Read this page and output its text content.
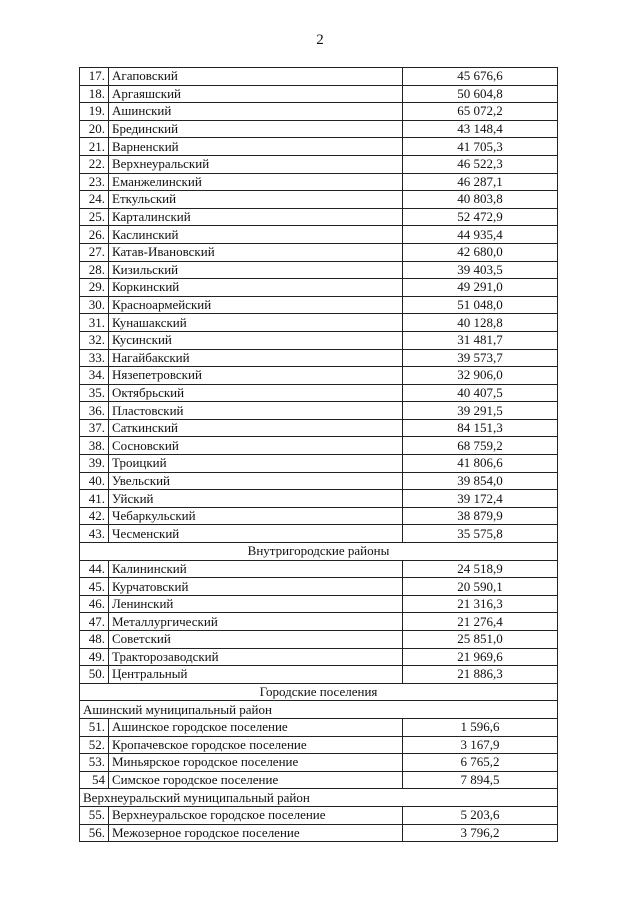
2
17.	Агаповский	45 676,6
18.	Аргаяшский	50 604,8
19.	Ашинский	65 072,2
20.	Брединский	43 148,4
21.	Варненский	41 705,3
22.	Верхнеуральский	46 522,3
23.	Еманжелинский	46 287,1
24.	Еткульский	40 803,8
25.	Карталинский	52 472,9
26.	Каслинский	44 935,4
27.	Катав-Ивановский	42 680,0
28.	Кизильский	39 403,5
29.	Коркинский	49 291,0
30.	Красноармейский	51 048,0
31.	Кунашакский	40 128,8
32.	Кусинский	31 481,7
33.	Нагайбакский	39 573,7
34.	Нязепетровский	32 906,0
35.	Октябрьский	40 407,5
36.	Пластовский	39 291,5
37.	Саткинский	84 151,3
38.	Сосновский	68 759,2
39.	Троицкий	41 806,6
40.	Увельский	39 854,0
41.	Уйский	39 172,4
42.	Чебаркульский	38 879,9
43.	Чесменский	35 575,8
Внутригородские районы		
44.	Калининский	24 518,9
45.	Курчатовский	20 590,1
46.	Ленинский	21 316,3
47.	Металлургический	21 276,4
48.	Советский	25 851,0
49.	Тракторозаводский	21 969,6
50.	Центральный	21 886,3
Городские поселения		
Ашинский муниципальный район		
51.	Ашинское городское поселение	1 596,6
52.	Кропачевское городское поселение	3 167,9
53.	Миньярское городское поселение	6 765,2
54	Симское городское поселение	7 894,5
Верхнеуральский муниципальный район		
55.	Верхнеуральское городское поселение	5 203,6
56.	Межозерное городское поселение	3 796,2
